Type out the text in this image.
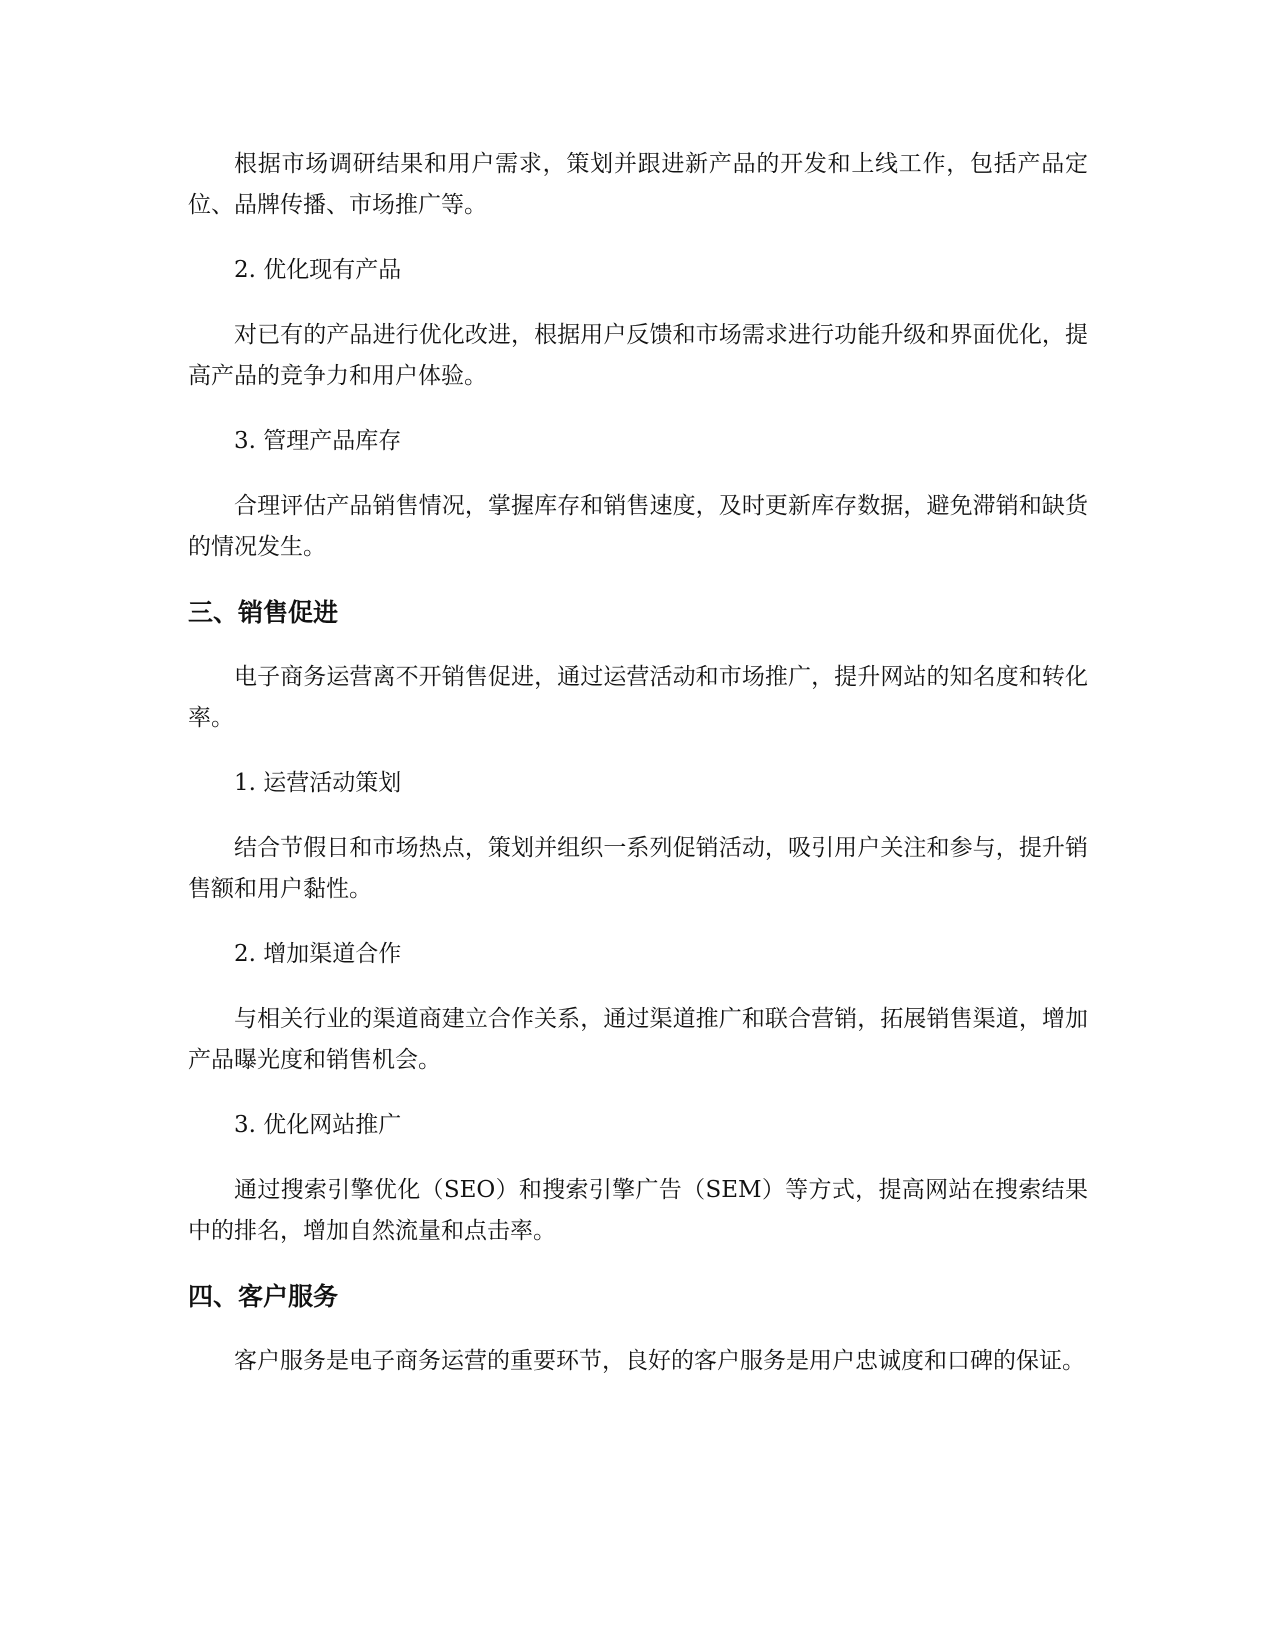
根据市场调研结果和用户需求，策划并跟进新产品的开发和上线工作，包括产品定位、品牌传播、市场推广等。

2. 优化现有产品

对已有的产品进行优化改进，根据用户反馈和市场需求进行功能升级和界面优化，提高产品的竞争力和用户体验。

3. 管理产品库存

合理评估产品销售情况，掌握库存和销售速度，及时更新库存数据，避免滞销和缺货的情况发生。

三、销售促进

电子商务运营离不开销售促进，通过运营活动和市场推广，提升网站的知名度和转化率。

1. 运营活动策划

结合节假日和市场热点，策划并组织一系列促销活动，吸引用户关注和参与，提升销售额和用户黏性。

2. 增加渠道合作

与相关行业的渠道商建立合作关系，通过渠道推广和联合营销，拓展销售渠道，增加产品曝光度和销售机会。

3. 优化网站推广

通过搜索引擎优化（SEO）和搜索引擎广告（SEM）等方式，提高网站在搜索结果中的排名，增加自然流量和点击率。

四、客户服务

客户服务是电子商务运营的重要环节，良好的客户服务是用户忠诚度和口碑的保证。
